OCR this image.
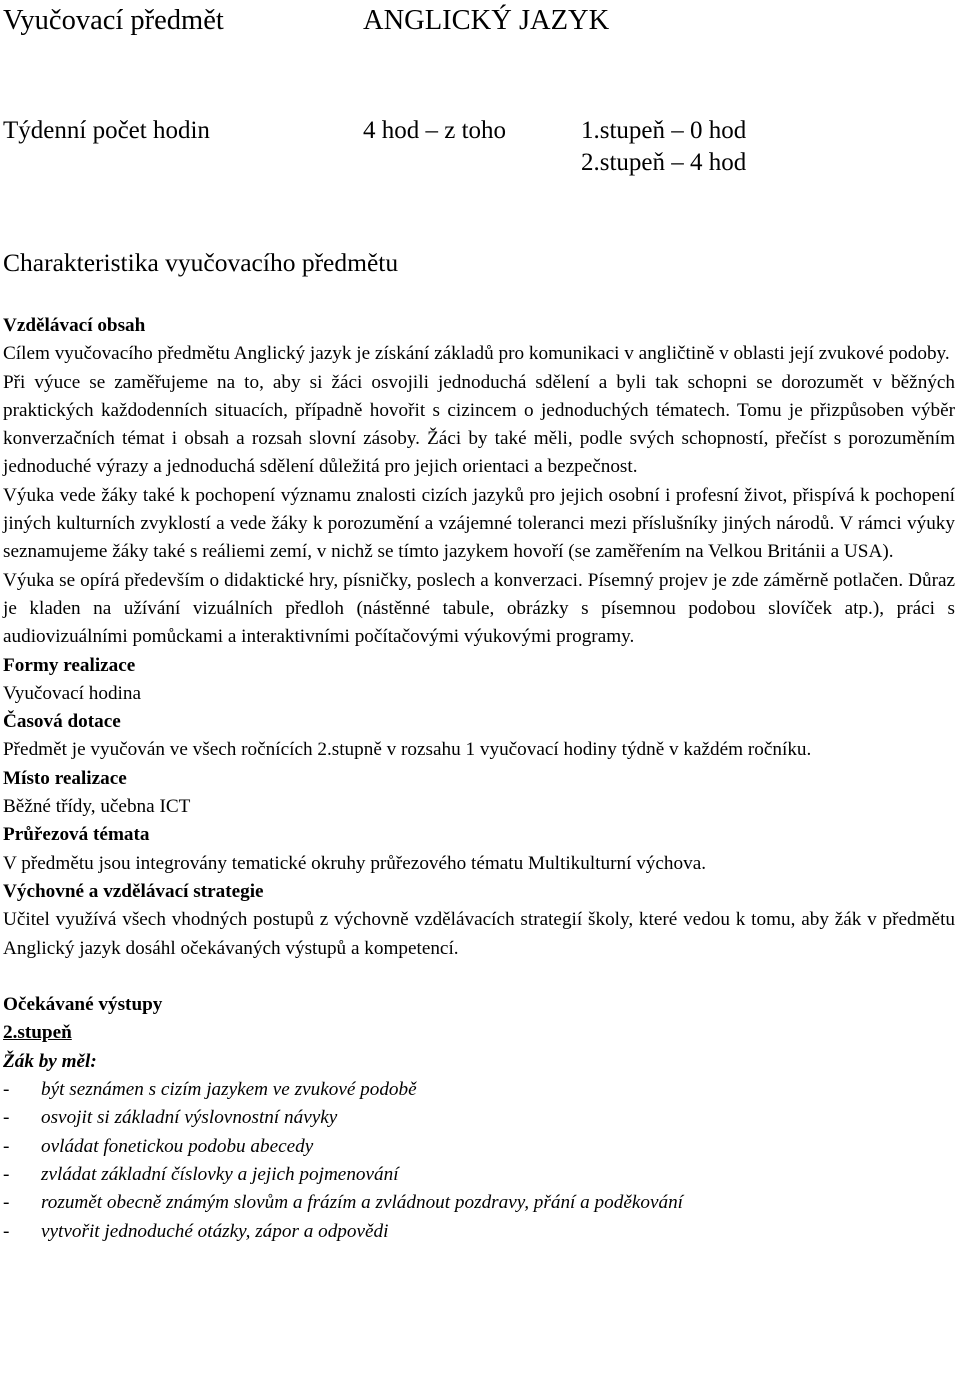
Vyučovací předmět	ANGLICKÝ JAZYK
Týdenní počet hodin	4 hod – z toho	1.stupeň – 0 hod
2.stupeň – 4 hod
Charakteristika vyučovacího předmětu

Vzdělávací obsah

Cílem vyučovacího předmětu Anglický jazyk je získání základů pro komunikaci v angličtině v oblasti její zvukové podoby.

Při výuce se zaměřujeme na to, aby si žáci osvojili jednoduchá sdělení a byli tak schopni se dorozumět v běžných praktických každodenních situacích, případně hovořit s cizincem o jednoduchých tématech. Tomu je přizpůsoben výběr konverzačních témat i obsah a rozsah slovní zásoby. Žáci by také měli, podle svých schopností, přečíst s porozuměním jednoduché výrazy a jednoduchá sdělení důležitá pro jejich orientaci a bezpečnost.

Výuka vede žáky také k pochopení významu znalosti cizích jazyků pro jejich osobní i profesní život, přispívá k pochopení jiných kulturních zvyklostí a vede žáky k porozumění a vzájemné toleranci mezi příslušníky jiných národů. V rámci výuky seznamujeme žáky také s reáliemi zemí, v nichž se tímto jazykem hovoří (se zaměřením na Velkou Británii a USA).

Výuka se opírá především o didaktické hry, písničky, poslech a konverzaci. Písemný projev je zde záměrně potlačen. Důraz je kladen na užívání vizuálních předloh (nástěnné tabule, obrázky s písemnou podobou slovíček atp.), práci s audiovizuálními pomůckami a interaktivními počítačovými výukovými programy.

Formy realizace

Vyučovací hodina

Časová dotace

Předmět je vyučován ve všech ročnících 2.stupně v rozsahu 1 vyučovací hodiny týdně v každém ročníku.

Místo realizace

Běžné třídy, učebna ICT

Průřezová témata

V předmětu jsou integrovány tematické okruhy průřezového tématu Multikulturní výchova.

Výchovné a vzdělávací strategie

Učitel využívá všech vhodných postupů z výchovně vzdělávacích strategií školy, které vedou k tomu, aby žák v předmětu Anglický jazyk dosáhl očekávaných výstupů a kompetencí.

Očekávané výstupy

2.stupeň

Žák by měl:

- být seznámen s cizím jazykem ve zvukové podobě
- osvojit si základní výslovnostní návyky
- ovládat fonetickou podobu abecedy
- zvládat základní číslovky a jejich pojmenování
- rozumět obecně známým slovům a frázím a zvládnout pozdravy, přání a poděkování
- vytvořit jednoduché otázky, zápor a odpovědi
